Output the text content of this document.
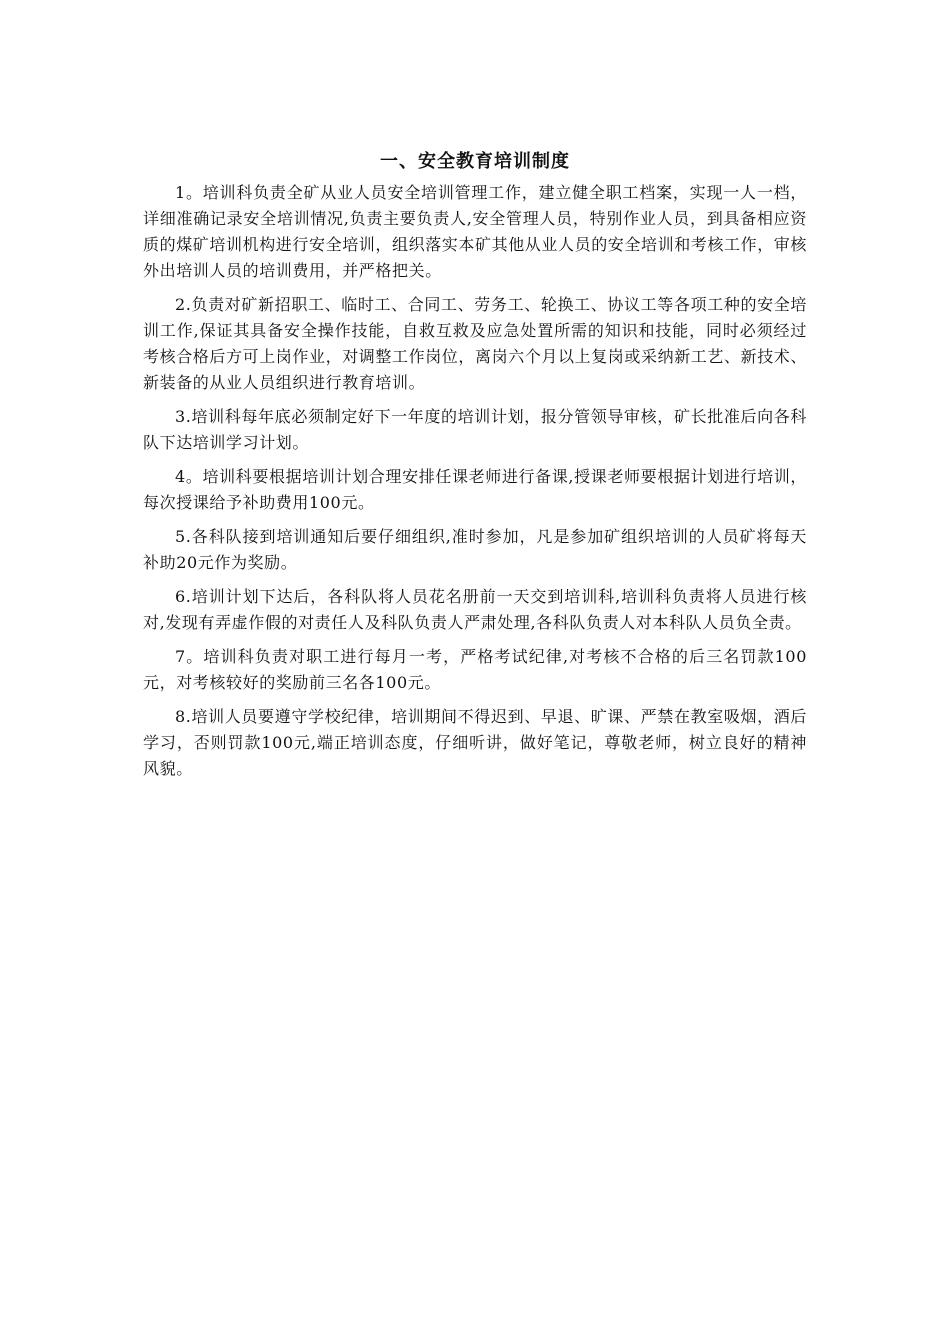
一、安全教育培训制度

1。培训科负责全矿从业人员安全培训管理工作，建立健全职工档案，实现一人一档，详细准确记录安全培训情况,负责主要负责人,安全管理人员，特别作业人员，到具备相应资质的煤矿培训机构进行安全培训，组织落实本矿其他从业人员的安全培训和考核工作，审核外出培训人员的培训费用，并严格把关。

2.负责对矿新招职工、临时工、合同工、劳务工、轮换工、协议工等各项工种的安全培训工作,保证其具备安全操作技能，自救互救及应急处置所需的知识和技能，同时必须经过考核合格后方可上岗作业，对调整工作岗位，离岗六个月以上复岗或采纳新工艺、新技术、新装备的从业人员组织进行教育培训。

3.培训科每年底必须制定好下一年度的培训计划，报分管领导审核，矿长批准后向各科队下达培训学习计划。

4。培训科要根据培训计划合理安排任课老师进行备课,授课老师要根据计划进行培训，每次授课给予补助费用100元。

5.各科队接到培训通知后要仔细组织,准时参加，凡是参加矿组织培训的人员矿将每天补助20元作为奖励。

6.培训计划下达后，各科队将人员花名册前一天交到培训科,培训科负责将人员进行核对,发现有弄虚作假的对责任人及科队负责人严肃处理,各科队负责人对本科队人员负全责。

7。培训科负责对职工进行每月一考，严格考试纪律,对考核不合格的后三名罚款100元，对考核较好的奖励前三名各100元。

8.培训人员要遵守学校纪律，培训期间不得迟到、早退、旷课、严禁在教室吸烟，酒后学习，否则罚款100元,端正培训态度，仔细听讲，做好笔记，尊敬老师，树立良好的精神风貌。
